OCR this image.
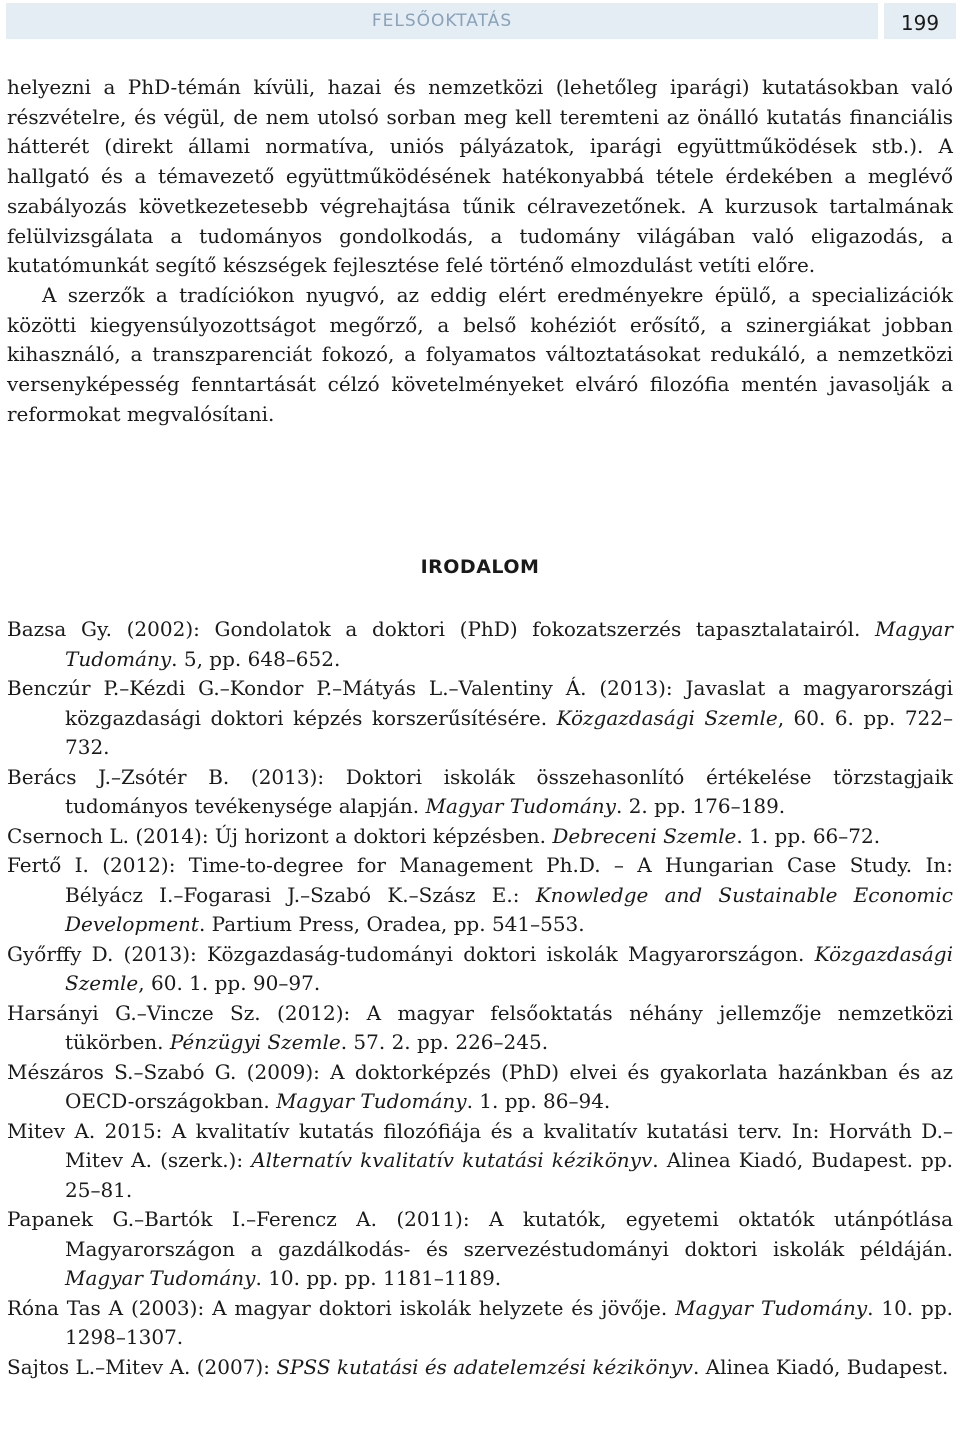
FELSŐOKTATÁS	199

helyezni a PhD-témán kívüli, hazai és nemzetközi (lehetőleg iparági) kutatásokban való részvételre, és végül, de nem utolsó sorban meg kell teremteni az önálló kutatás financiális hátterét (direkt állami normatíva, uniós pályázatok, iparági együttműködések stb.). A hallgató és a témavezető együttműködésének hatékonyabbá tétele érdekében a meglévő szabályozás következetesebb végrehajtása tűnik célravezetőnek. A kurzusok tartalmának felülvizsgálata a tudományos gondolkodás, a tudomány világában való eligazodás, a kutatómunkát segítő készségek fejlesztése felé történő elmozdulást vetíti előre.

A szerzők a tradíciókon nyugvó, az eddig elért eredményekre épülő, a specializációk közötti kiegyensúlyozottságot megőrző, a belső kohéziót erősítő, a szinergiákat jobban kihasználó, a transzparenciát fokozó, a folyamatos változtatásokat redukáló, a nemzetközi versenyképesség fenntartását célzó követelményeket elváró filozófia mentén javasolják a reformokat megvalósítani.

IRODALOM

Bazsa Gy. (2002): Gondolatok a doktori (PhD) fokozatszerzés tapasztalatairól. Magyar Tudomány. 5, pp. 648–652.

Benczúr P.–Kézdi G.–Kondor P.–Mátyás L.–Valentiny Á. (2013): Javaslat a magyarországi közgazdasági doktori képzés korszerűsítésére. Közgazdasági Szemle, 60. 6. pp. 722–732.

Berács J.–Zsótér B. (2013): Doktori iskolák összehasonlító értékelése törzstagjaik tudományos tevékenysége alapján. Magyar Tudomány. 2. pp. 176–189.

Csernoch L. (2014): Új horizont a doktori képzésben. Debreceni Szemle. 1. pp. 66–72.

Fertő I. (2012): Time-to-degree for Management Ph.D. – A Hungarian Case Study. In: Bélyácz I.–Fogarasi J.–Szabó K.–Szász E.: Knowledge and Sustainable Economic Development. Partium Press, Oradea, pp. 541–553.

Győrffy D. (2013): Közgazdaság-tudományi doktori iskolák Magyarországon. Közgazdasági Szemle, 60. 1. pp. 90–97.

Harsányi G.–Vincze Sz. (2012): A magyar felsőoktatás néhány jellemzője nemzetközi tükörben. Pénzügyi Szemle. 57. 2. pp. 226–245.

Mészáros S.–Szabó G. (2009): A doktorképzés (PhD) elvei és gyakorlata hazánkban és az OECD-országokban. Magyar Tudomány. 1. pp. 86–94.

Mitev A. 2015: A kvalitatív kutatás filozófiája és a kvalitatív kutatási terv. In: Horváth D.–Mitev A. (szerk.): Alternatív kvalitatív kutatási kézikönyv. Alinea Kiadó, Budapest. pp. 25–81.

Papanek G.–Bartók I.–Ferencz A. (2011): A kutatók, egyetemi oktatók utánpótlása Magyarországon a gazdálkodás- és szervezéstudományi doktori iskolák példáján. Magyar Tudomány. 10. pp. pp. 1181–1189.

Róna Tas A (2003): A magyar doktori iskolák helyzete és jövője. Magyar Tudomány. 10. pp. 1298–1307.

Sajtos L.–Mitev A. (2007): SPSS kutatási és adatelemzési kézikönyv. Alinea Kiadó, Budapest.
